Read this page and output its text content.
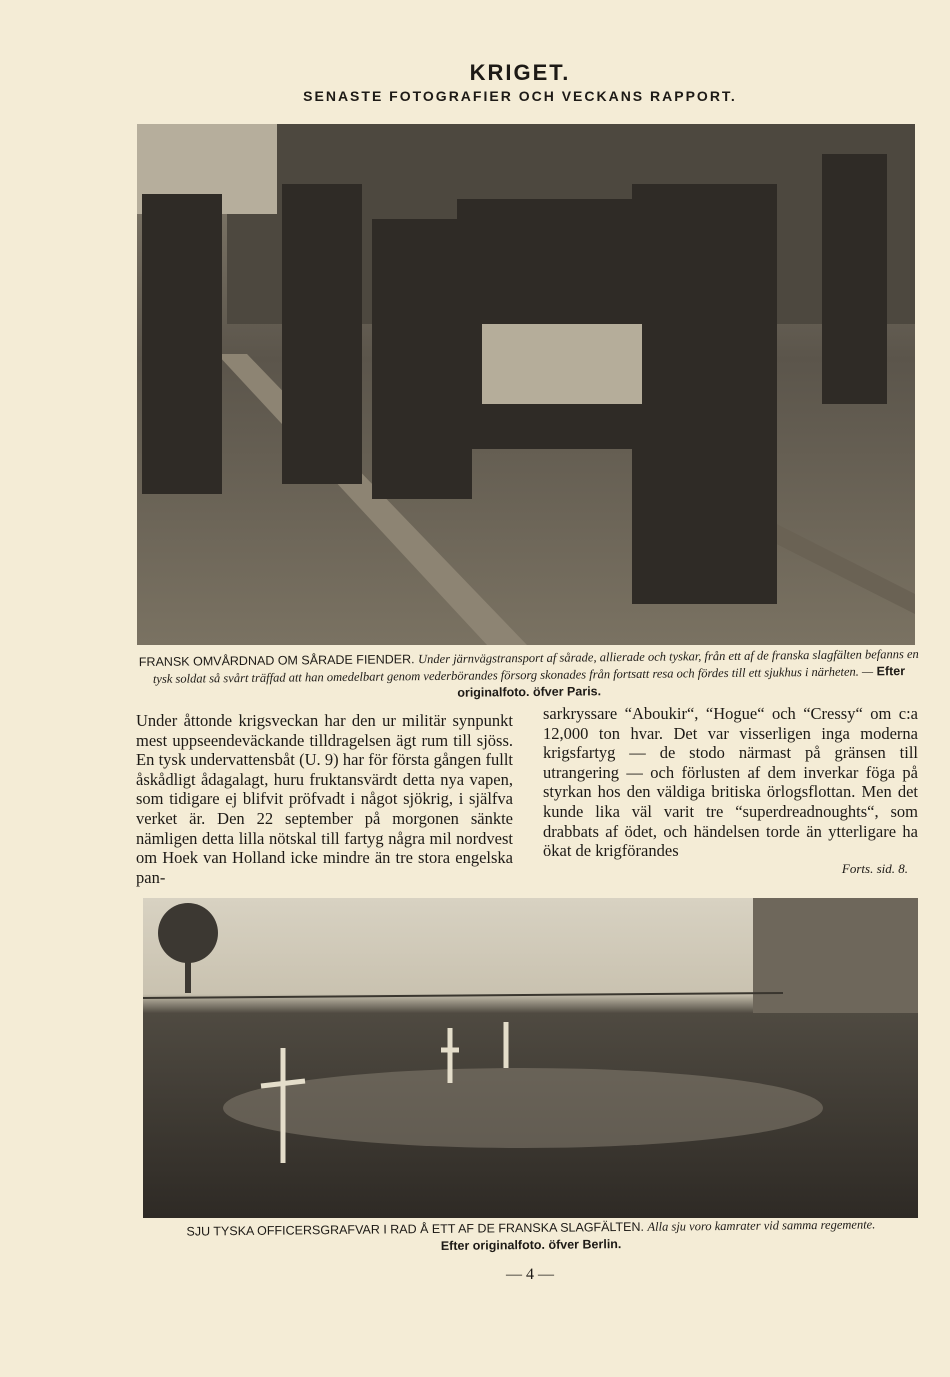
KRIGET.
SENASTE FOTOGRAFIER OCH VECKANS RAPPORT.
FRANSK OMVÅRDNAD OM SÅRADE FIENDER. Under järnvägstransport af sårade, allierade och tyskar, från ett af de franska slagfälten befanns en tysk soldat så svårt träffad att han omedelbart genom vederbörandes försorg skonades från fortsatt resa och fördes till ett sjukhus i närheten. — Efter originalfoto. öfver Paris.

Under åttonde krigsveckan har den ur militär synpunkt mest uppseendeväckande tilldragelsen ägt rum till sjöss. En tysk undervattensbåt (U. 9) har för första gången fullt åskådligt ådagalagt, huru fruktansvärdt detta nya vapen, som tidigare ej blifvit pröfvadt i något sjökrig, i själfva verket är. Den 22 september på morgonen sänkte nämligen detta lilla nötskal till fartyg några mil nordvest om Hoek van Holland icke mindre än tre stora engelska pan-

sarkryssare “Aboukir“, “Hogue“ och “Cressy“ om c:a 12,000 ton hvar. Det var visserligen inga moderna krigsfartyg — de stodo närmast på gränsen till utrangering — och förlusten af dem inverkar föga på styrkan hos den väldiga britiska örlogsflottan. Men det kunde lika väl varit tre “superdreadnoughts“, som drabbats af ödet, och händelsen torde än ytterligare ha ökat de krigförandes

Forts. sid. 8.
SJU TYSKA OFFICERSGRAFVAR I RAD Å ETT AF DE FRANSKA SLAGFÄLTEN. Alla sju voro kamrater vid samma regemente.
Efter originalfoto. öfver Berlin.
— 4 —
